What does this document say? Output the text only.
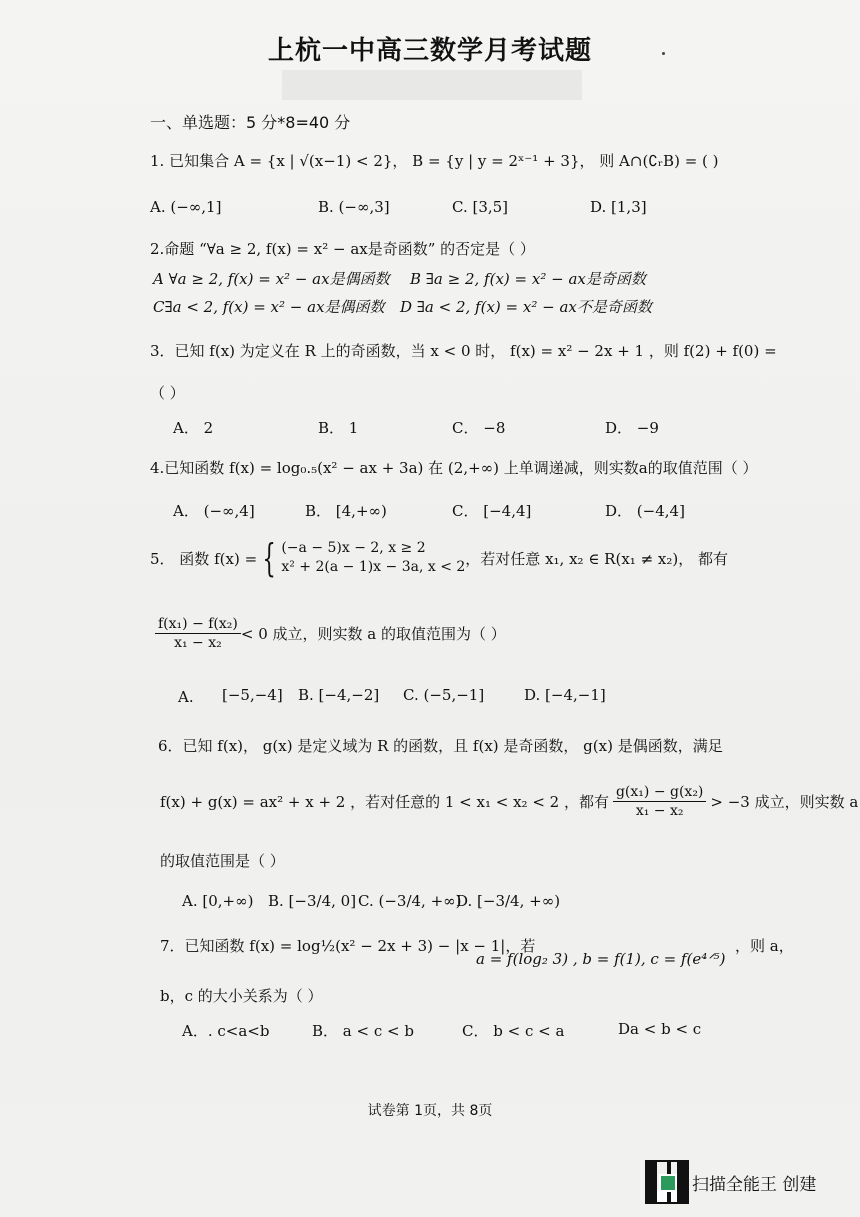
上杭一中高三数学月考试题
一、单选题：5 分*8=40 分
1. 已知集合 A = {x | √(x−1) < 2}， B = {y | y = 2ˣ⁻¹ + 3}， 则 A∩(∁ᵣB) = ( )
A. (−∞,1]	B. (−∞,3]	C. [3,5]	D. [1,3]
2.命题 “∀a ≥ 2, f(x) = x² − ax是奇函数” 的否定是（ ）
A ∀a ≥ 2, f(x) = x² − ax是偶函数 B ∃a ≥ 2, f(x) = x² − ax是奇函数
C∃a < 2, f(x) = x² − ax是偶函数 D ∃a < 2, f(x) = x² − ax不是奇函数
3．已知 f(x) 为定义在 R 上的奇函数，当 x < 0 时， f(x) = x² − 2x + 1 ，则 f(2) + f(0) =
（ ）
A． 2	B． 1	C． −8	D． −9
4.已知函数 f(x) = log₀.₅(x² − ax + 3a) 在 (2,+∞) 上单调递减，则实数a的取值范围（ ）
A． (−∞,4]	B． [4,+∞)	C． [−4,4]	D． (−4,4]
5． 函数 f(x) = { (−a − 5)x − 2, x ≥ 2
x² + 2(a − 1)x − 3a, x < 2 ，若对任意 x₁, x₂ ∈ R(x₁ ≠ x₂)， 都有
$\frac{\text{f(x₁) − f(x₂)}}{\text{x₁ − x₂}} < 0$ 成立，则实数 a 的取值范围为（ ）
A. [−5,−4] B. [−4,−2] C. (−5,−1]	D. [−4,−1]
6．已知 f(x)， g(x) 是定义域为 R 的函数，且 f(x) 是奇函数， g(x) 是偶函数，满足
f(x) + g(x) = ax² + x + 2 ，若对任意的 1 < x₁ < x₂ < 2 ，都有 $\frac{\text{g(x₁) − g(x₂)}}{\text{x₁ − x₂}} > -3$ 成立，则实数 a
的取值范围是（ ）
A. [0,+∞) B. [−3/4, 0] C. (−3/4, +∞)
D. [−3/4, +∞)
7．已知函数 f(x) = log½(x² − 2x + 3) − |x − 1|，若
a = f(log₂ 3) , b = f(1), c = f(e⁴ᐟ⁵)
，则 a，
b，c 的大小关系为（ ）
A．. c<a<b	B． a < c < b	C． b < c < a	Da < b < c
试卷第 1页，共 8页
扫描全能王 创建
